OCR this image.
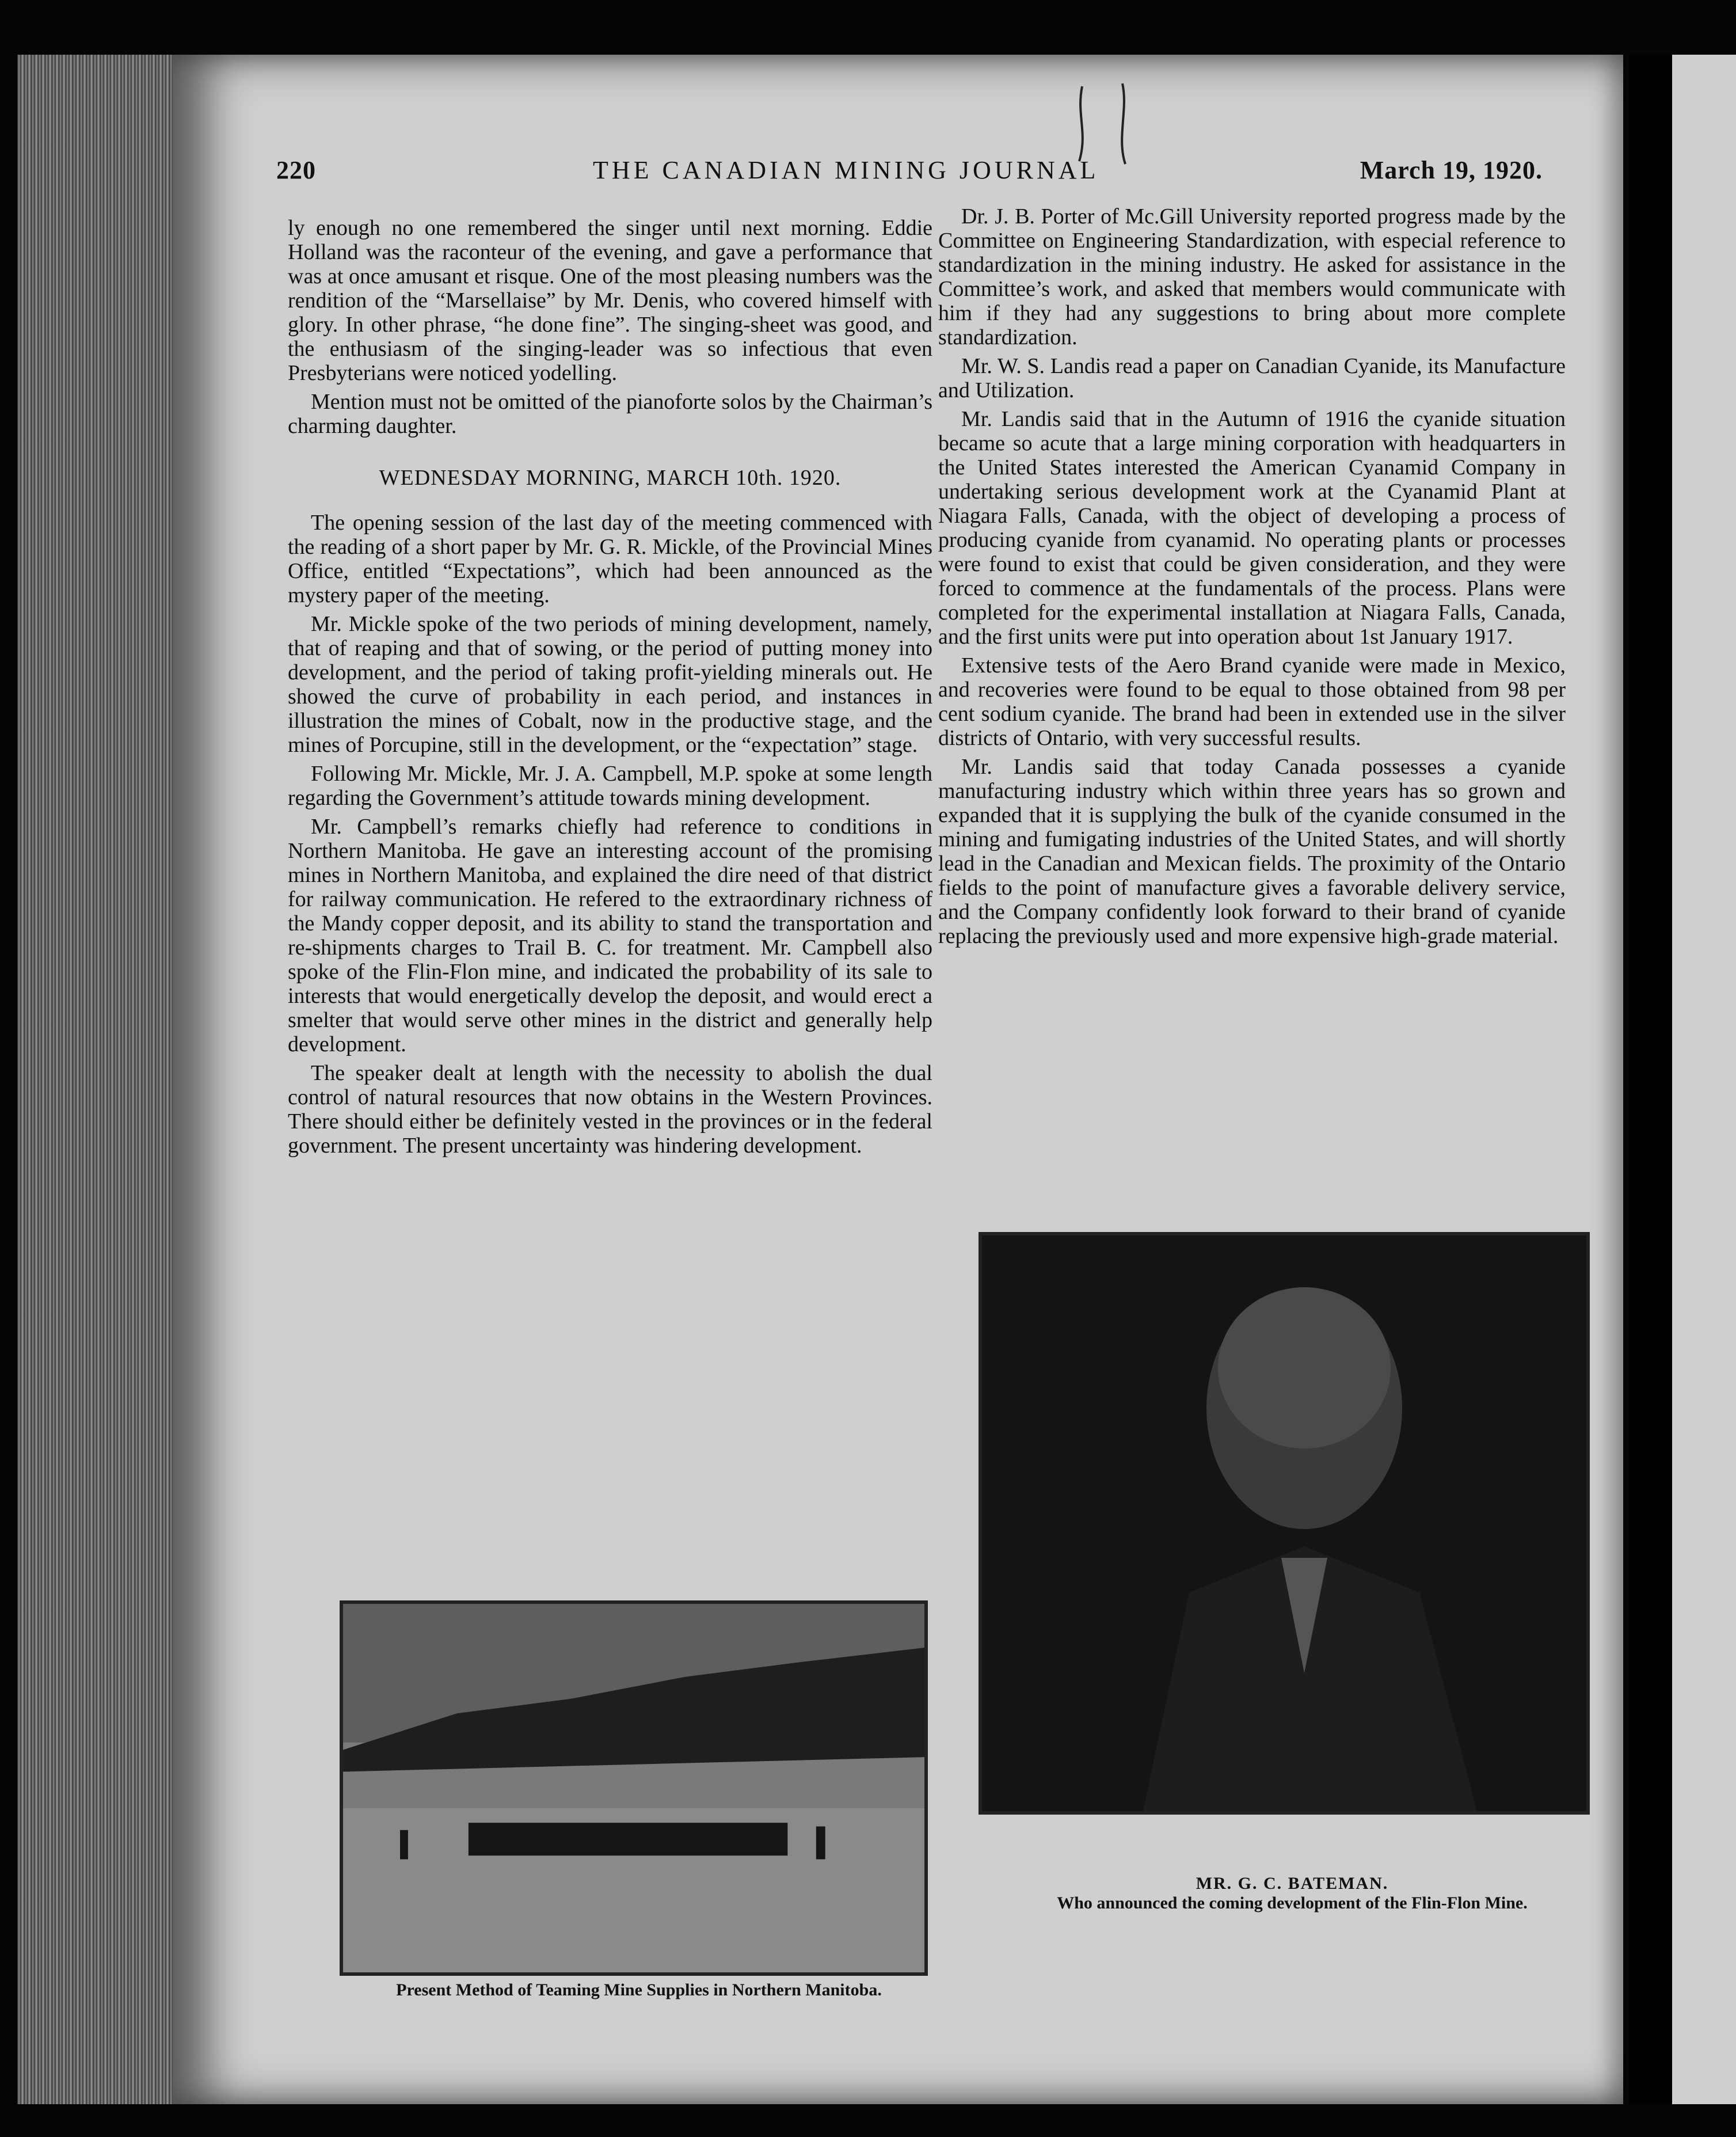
220	THE CANADIAN MINING JOURNAL	March 19, 1920.

ly enough no one remembered the singer until next morning. Eddie Holland was the raconteur of the evening, and gave a performance that was at once amusant et risque. One of the most pleasing numbers was the rendition of the “Marsellaise” by Mr. Denis, who covered himself with glory. In other phrase, “he done fine”. The singing-sheet was good, and the enthusiasm of the singing-leader was so infectious that even Presbyterians were noticed yodelling.

Mention must not be omitted of the pianoforte solos by the Chairman’s charming daughter.

WEDNESDAY MORNING, MARCH 10th. 1920.

The opening session of the last day of the meeting commenced with the reading of a short paper by Mr. G. R. Mickle, of the Provincial Mines Office, entitled “Expectations”, which had been announced as the mystery paper of the meeting.

Mr. Mickle spoke of the two periods of mining development, namely, that of reaping and that of sowing, or the period of putting money into development, and the period of taking profit-yielding minerals out. He showed the curve of probability in each period, and instances in illustration the mines of Cobalt, now in the productive stage, and the mines of Porcupine, still in the development, or the “expectation” stage.

Following Mr. Mickle, Mr. J. A. Campbell, M.P. spoke at some length regarding the Government’s attitude towards mining development.

Mr. Campbell’s remarks chiefly had reference to conditions in Northern Manitoba. He gave an interesting account of the promising mines in Northern Manitoba, and explained the dire need of that district for railway communication. He refered to the extraordinary richness of the Mandy copper deposit, and its ability to stand the transportation and re-shipments charges to Trail B. C. for treatment. Mr. Campbell also spoke of the Flin-Flon mine, and indicated the probability of its sale to interests that would energetically develop the deposit, and would erect a smelter that would serve other mines in the district and generally help development.

The speaker dealt at length with the necessity to abolish the dual control of natural resources that now obtains in the Western Provinces. There should either be definitely vested in the provinces or in the federal government. The present uncertainty was hindering development.

Dr. J. B. Porter of Mc.Gill University reported progress made by the Committee on Engineering Standardization, with especial reference to standardization in the mining industry. He asked for assistance in the Committee’s work, and asked that members would communicate with him if they had any suggestions to bring about more complete standardization.

Mr. W. S. Landis read a paper on Canadian Cyanide, its Manufacture and Utilization.

Mr. Landis said that in the Autumn of 1916 the cyanide situation became so acute that a large mining corporation with headquarters in the United States interested the American Cyanamid Company in undertaking serious development work at the Cyanamid Plant at Niagara Falls, Canada, with the object of developing a process of producing cyanide from cyanamid. No operating plants or processes were found to exist that could be given consideration, and they were forced to commence at the fundamentals of the process. Plans were completed for the experimental installation at Niagara Falls, Canada, and the first units were put into operation about 1st January 1917.

Extensive tests of the Aero Brand cyanide were made in Mexico, and recoveries were found to be equal to those obtained from 98 per cent sodium cyanide. The brand had been in extended use in the silver districts of Ontario, with very successful results.

Mr. Landis said that today Canada possesses a cyanide manufacturing industry which within three years has so grown and expanded that it is supplying the bulk of the cyanide consumed in the mining and fumigating industries of the United States, and will shortly lead in the Canadian and Mexican fields. The proximity of the Ontario fields to the point of manufacture gives a favorable delivery service, and the Company confidently look forward to their brand of cyanide replacing the previously used and more expensive high-grade material.

Present Method of Teaming Mine Supplies in Northern Manitoba.
MR. G. C. BATEMAN.
Who announced the coming development of the Flin-Flon Mine.
